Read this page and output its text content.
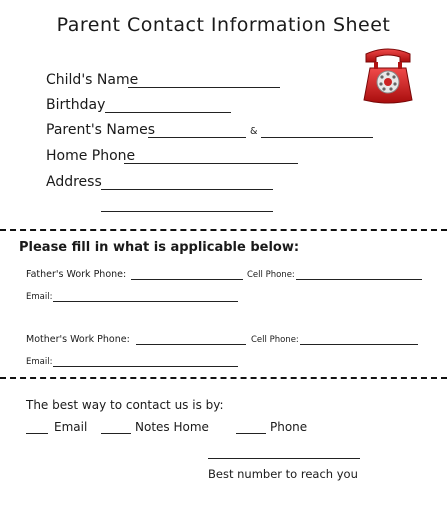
Parent Contact Information Sheet
Child's Name
Birthday
Parent's Names	&
Home Phone
Address
Please fill in what is applicable below:
Father's Work Phone:	Cell Phone:
Email:
Mother's Work Phone:	Cell Phone:
Email:
The best way to contact us is by:
Email	Notes Home	Phone
Best number to reach you
